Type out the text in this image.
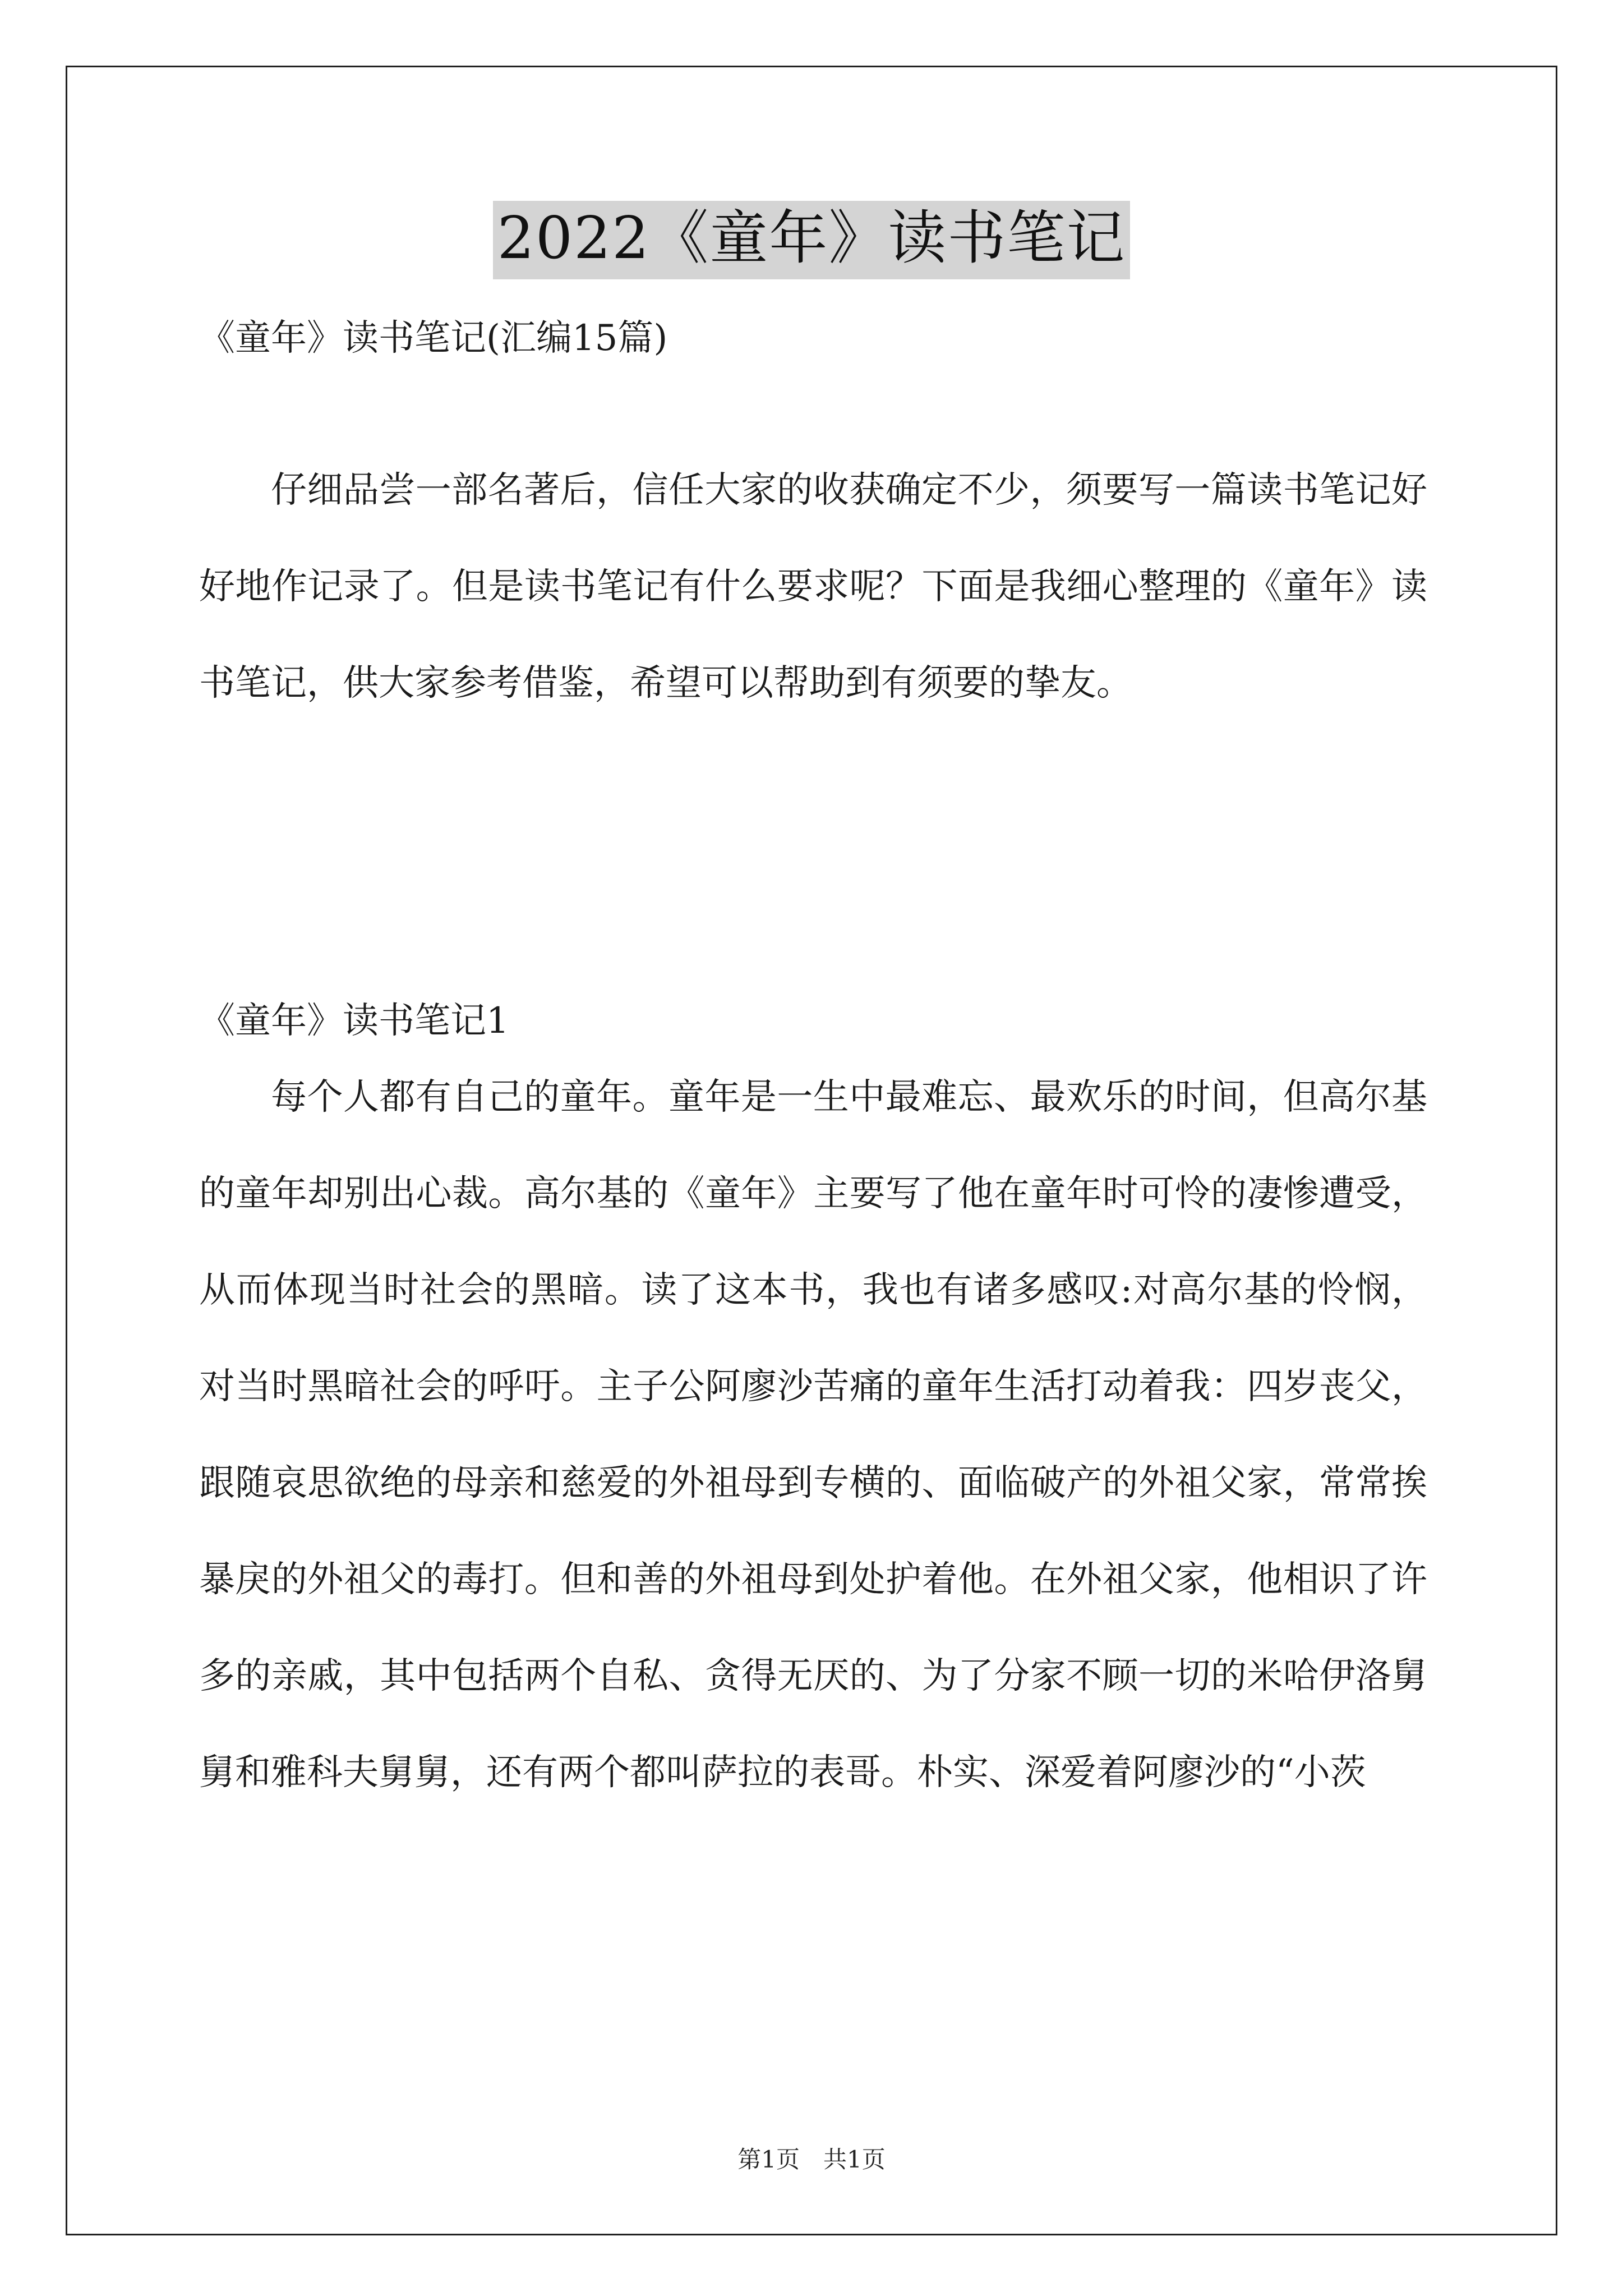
2022《童年》读书笔记
《童年》读书笔记(汇编15篇)

仔细品尝一部名著后，信任大家的收获确定不少，须要写一篇读书笔记好好地作记录了。但是读书笔记有什么要求呢？下面是我细心整理的《童年》读书笔记，供大家参考借鉴，希望可以帮助到有须要的挚友。

《童年》读书笔记1

每个人都有自己的童年。童年是一生中最难忘、最欢乐的时间，但高尔基的童年却别出心裁。高尔基的《童年》主要写了他在童年时可怜的凄惨遭受，从而体现当时社会的黑暗。读了这本书，我也有诸多感叹:对高尔基的怜悯，对当时黑暗社会的呼吁。主子公阿廖沙苦痛的童年生活打动着我：四岁丧父，跟随哀思欲绝的母亲和慈爱的外祖母到专横的、面临破产的外祖父家，常常挨暴戾的外祖父的毒打。但和善的外祖母到处护着他。在外祖父家，他相识了许多的亲戚，其中包括两个自私、贪得无厌的、为了分家不顾一切的米哈伊洛舅舅和雅科夫舅舅，还有两个都叫萨拉的表哥。朴实、深爱着阿廖沙的“小茨

第1页　共1页
